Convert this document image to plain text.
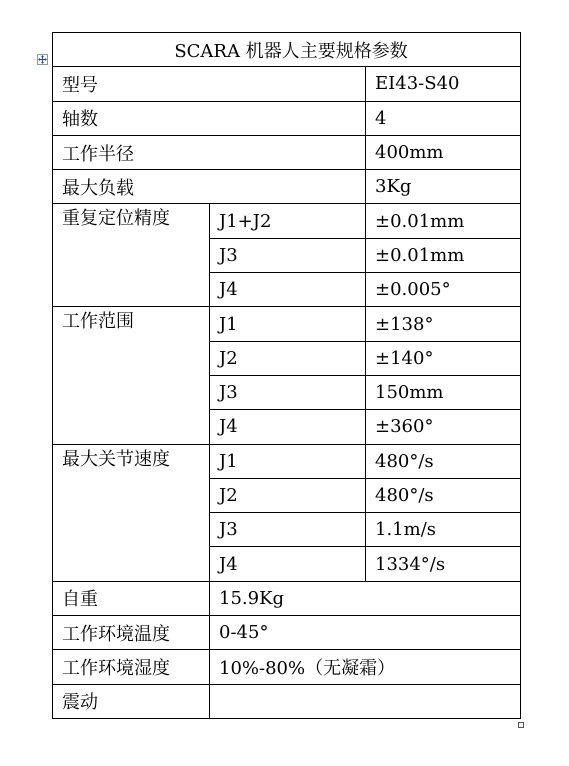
SCARA 机器人主要规格参数		
型号		EI43-S40
轴数		4
工作半径		400mm
最大负载		3Kg
重复定位精度	J1+J2	±0.01mm
	J3	±0.01mm
	J4	±0.005°
工作范围	J1	±138°
	J2	±140°
	J3	150mm
	J4	±360°
最大关节速度	J1	480°/s
	J2	480°/s
	J3	1.1m/s
	J4	1334°/s
自重	15.9Kg	
工作环境温度	0-45°	
工作环境湿度	10%-80%（无凝霜）	
震动		
